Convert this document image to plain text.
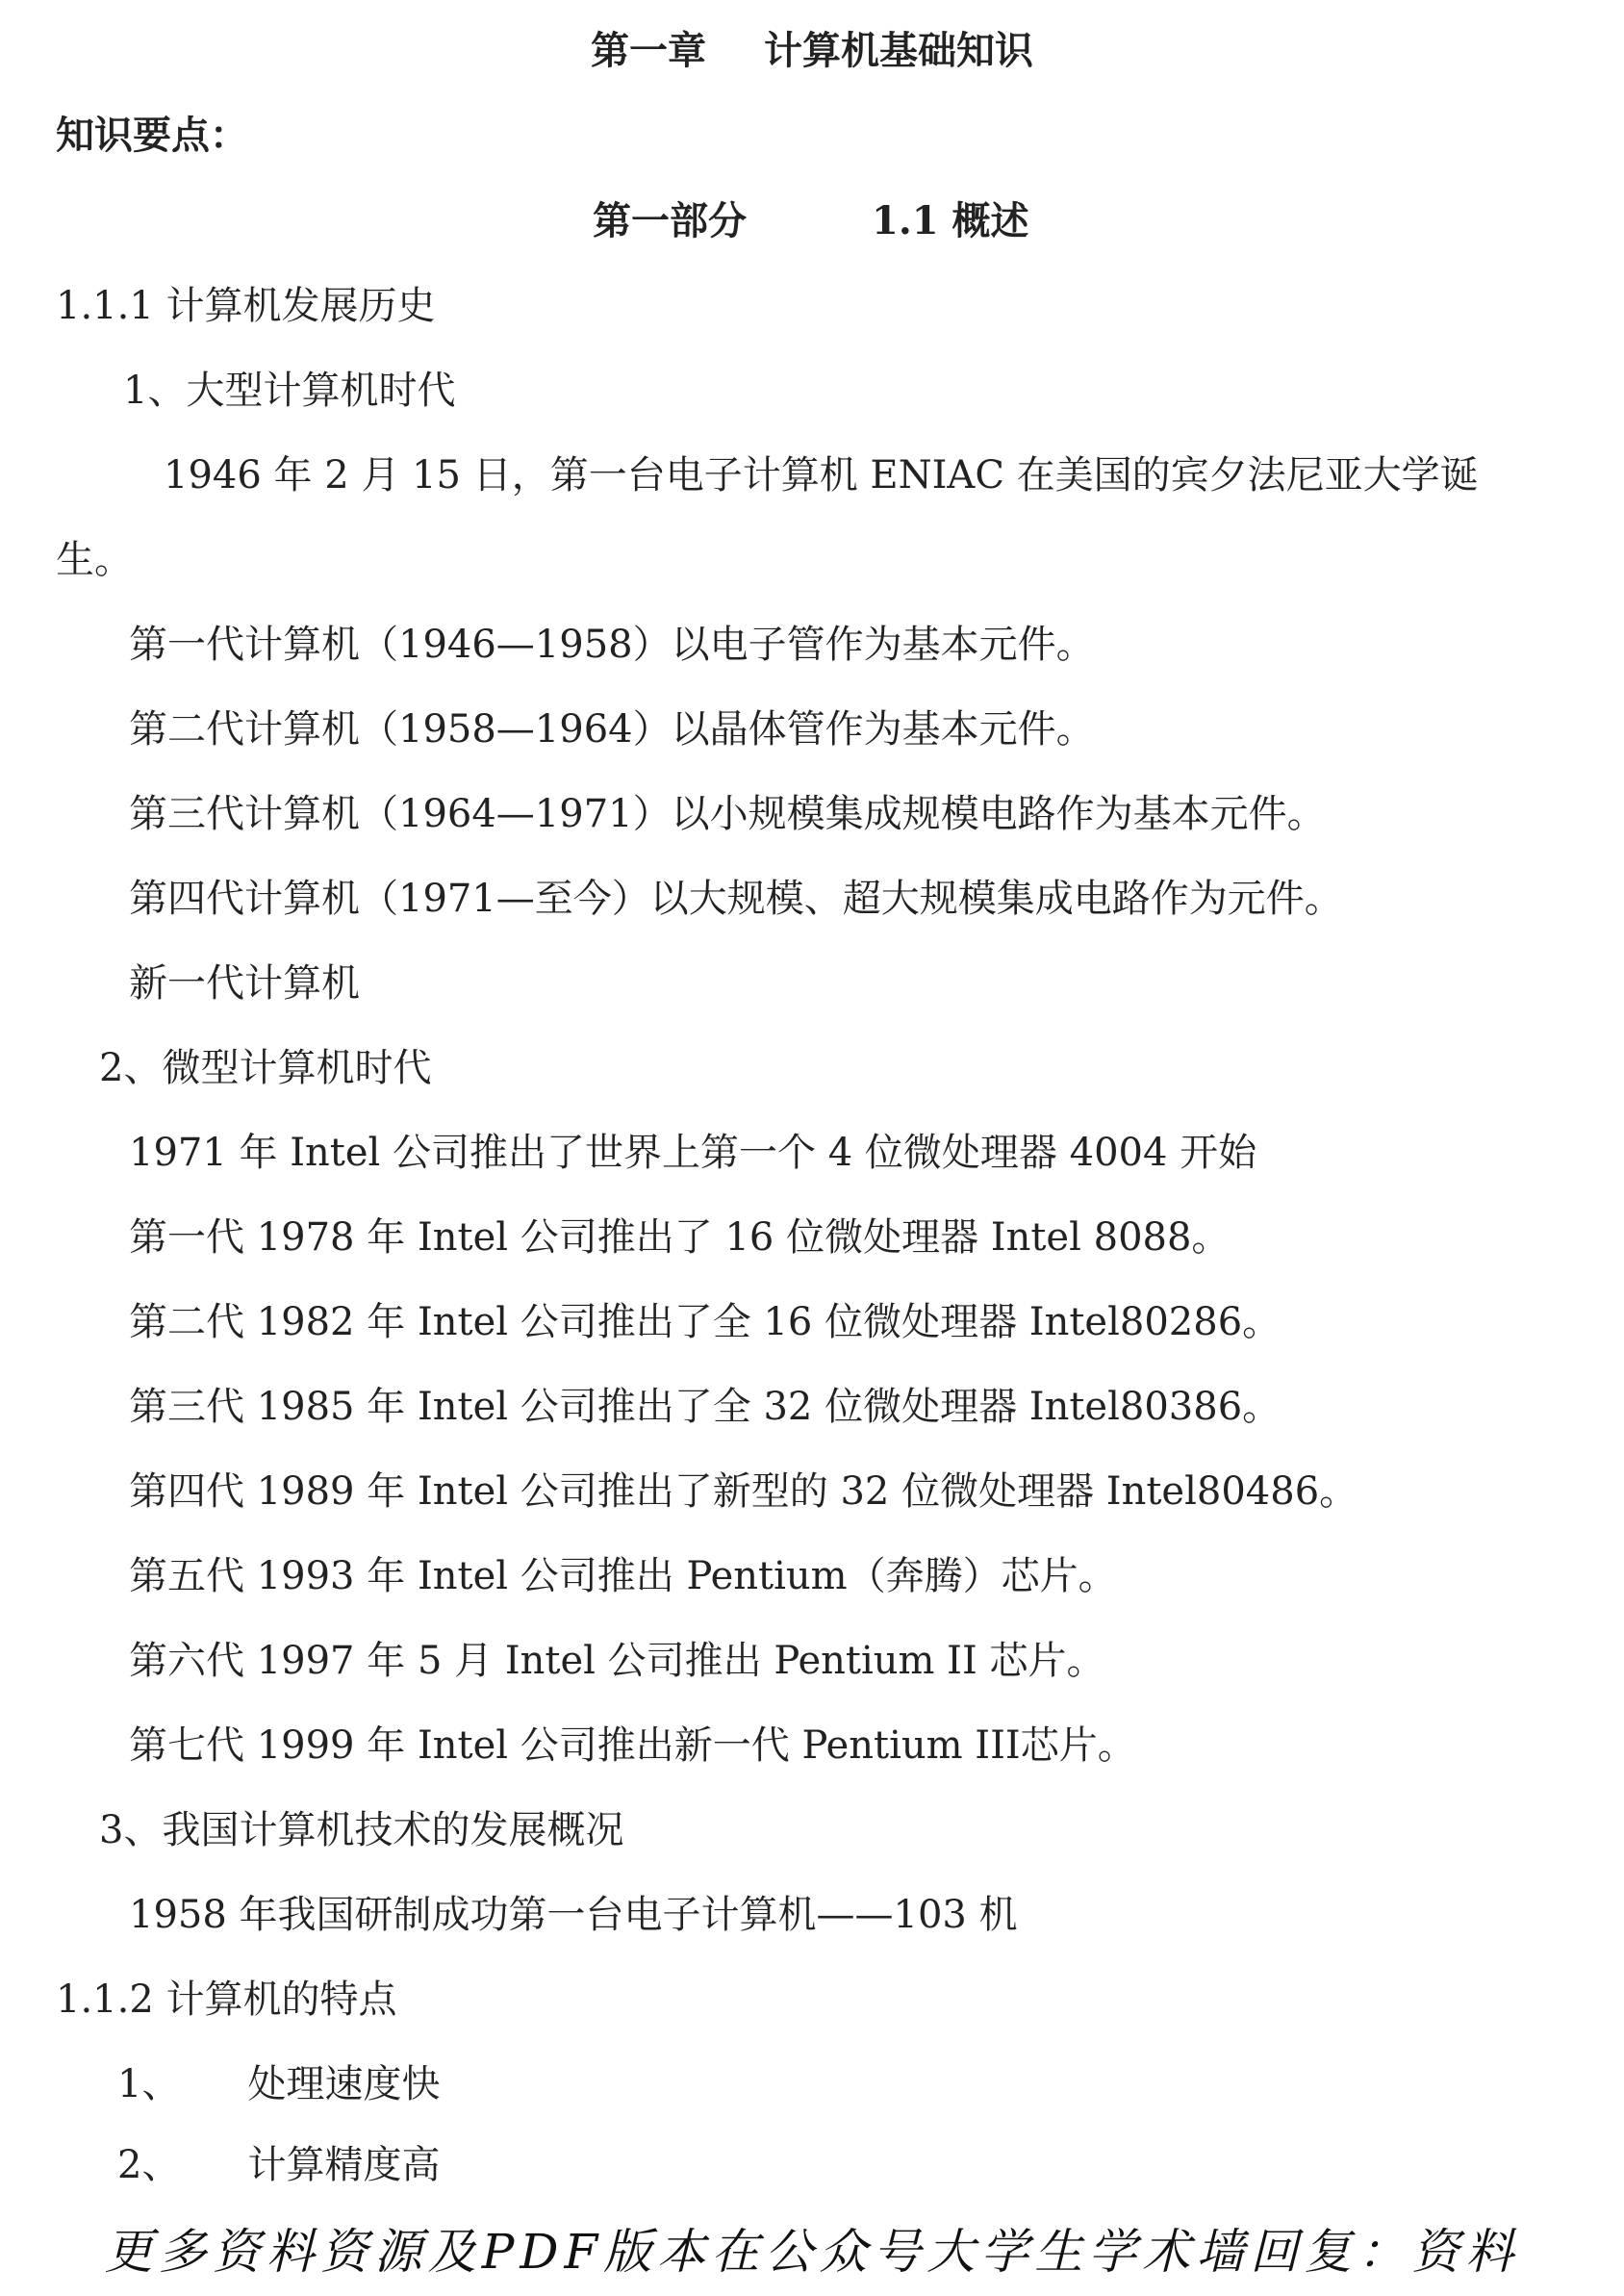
第一章 计算机基础知识
知识要点：
第一部分	1.1 概述
1.1.1 计算机发展历史
1、大型计算机时代
1946 年 2 月 15 日，第一台电子计算机 ENIAC 在美国的宾夕法尼亚大学诞
生。
第一代计算机（1946—1958）以电子管作为基本元件。
第二代计算机（1958—1964）以晶体管作为基本元件。
第三代计算机（1964—1971）以小规模集成规模电路作为基本元件。
第四代计算机（1971—至今）以大规模、超大规模集成电路作为元件。
新一代计算机
2、微型计算机时代
1971 年 Intel 公司推出了世界上第一个 4 位微处理器 4004 开始
第一代 1978 年 Intel 公司推出了 16 位微处理器 Intel 8088。
第二代 1982 年 Intel 公司推出了全 16 位微处理器 Intel80286。
第三代 1985 年 Intel 公司推出了全 32 位微处理器 Intel80386。
第四代 1989 年 Intel 公司推出了新型的 32 位微处理器 Intel80486。
第五代 1993 年 Intel 公司推出 Pentium（奔腾）芯片。
第六代 1997 年 5 月 Intel 公司推出 Pentium II 芯片。
第七代 1999 年 Intel 公司推出新一代 Pentium III芯片。
3、我国计算机技术的发展概况
1958 年我国研制成功第一台电子计算机——103 机
1.1.2 计算机的特点
1、 处理速度快
2、 计算精度高
更多资料资源及PDF版本在公众号大学生学术墙回复：资料
